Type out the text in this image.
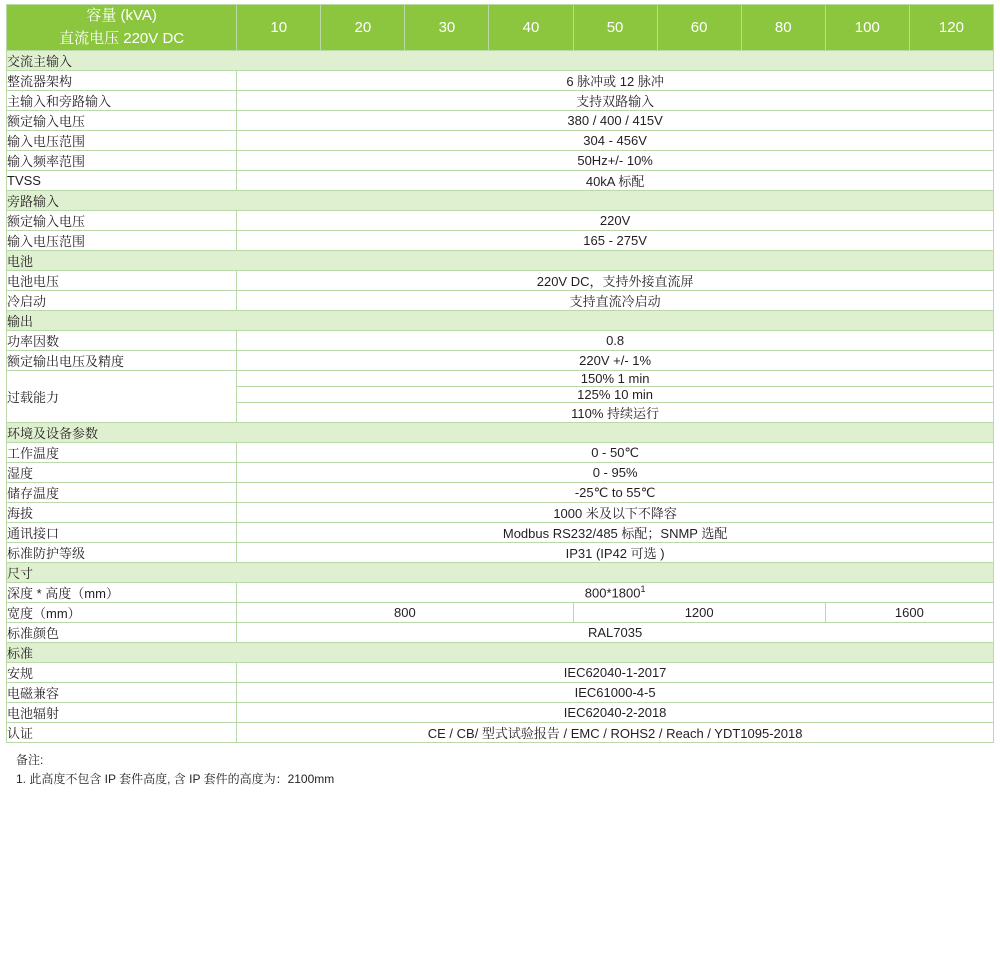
容量 (kVA)
直流电压 220V DC	10	20	30	40	50	60	80	100	120
交流主输入									
整流器架构	6 脉冲或 12 脉冲								
主输入和旁路输入	支持双路输入								
额定输入电压	380 / 400 / 415V								
输入电压范围	304 - 456V								
输入频率范围	50Hz+/- 10%								
TVSS	40kA 标配								
旁路输入									
额定输入电压	220V								
输入电压范围	165 - 275V								
电池									
电池电压	220V DC，支持外接直流屏								
冷启动	支持直流冷启动								
输出									
功率因数	0.8								
额定输出电压及精度	220V +/- 1%								
过载能力	150% 1 min								
	125% 10 min								
	110% 持续运行								
环境及设备参数									
工作温度	0 - 50℃								
湿度	0 - 95%								
储存温度	-25℃ to 55℃								
海拔	1000 米及以下不降容								
通讯接口	Modbus RS232/485 标配；SNMP 选配								
标准防护等级	IP31 (IP42 可选 )								
尺寸									
深度 * 高度（mm）	800*1800$^1$
宽度（mm）	800				1200			1600	
标准颜色	RAL7035								
标准									
安规	IEC62040-1-2017								
电磁兼容	IEC61000-4-5								
电池辐射	IEC62040-2-2018								
认证	CE / CB/ 型式试验报告 / EMC / ROHS2 / Reach / YDT1095-2018								
备注:
1. 此高度不包含 IP 套件高度, 含 IP 套件的高度为：2100mm
